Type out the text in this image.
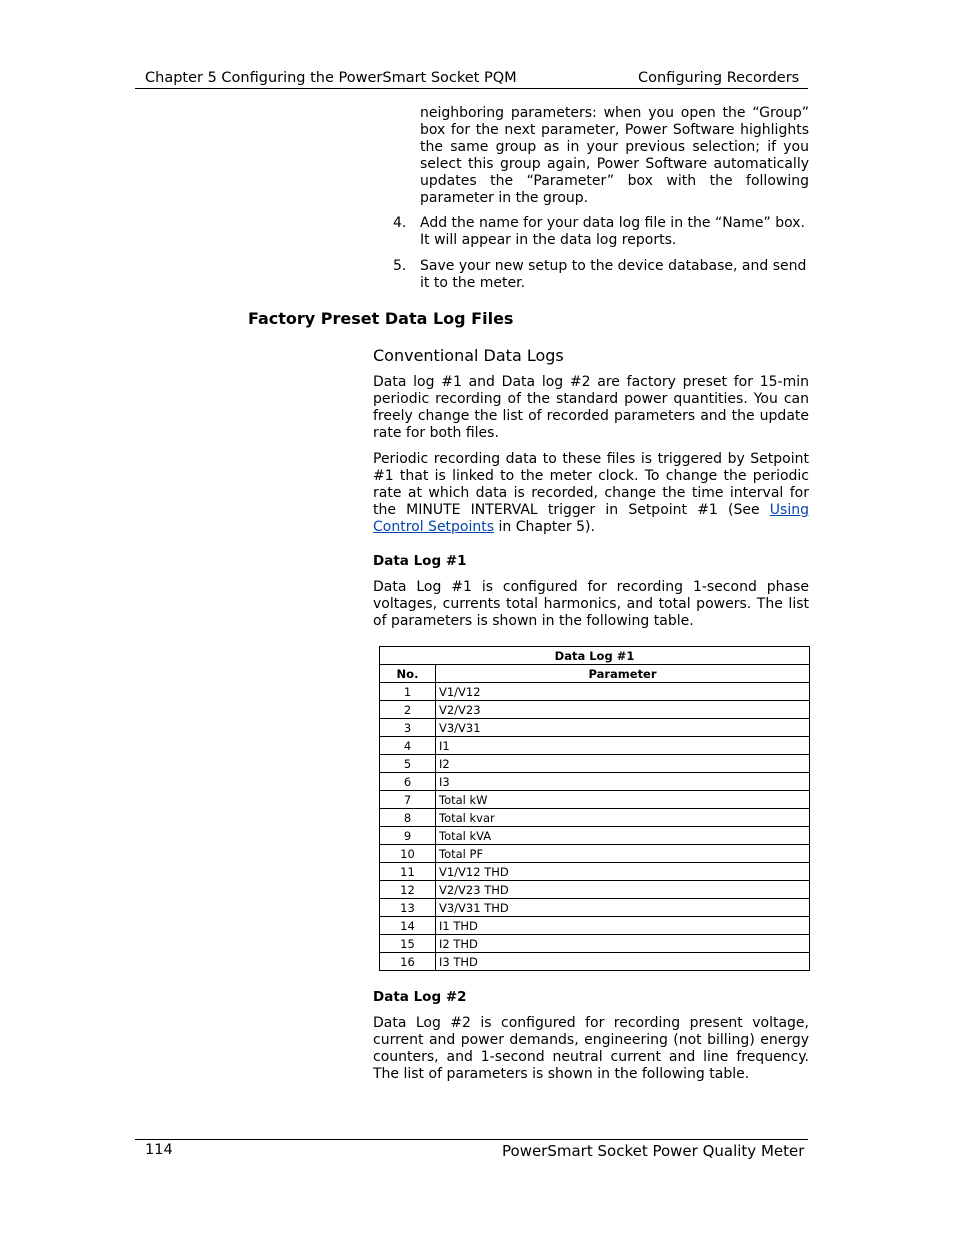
Chapter 5 Configuring the PowerSmart Socket PQM	Configuring Recorders

neighboring parameters: when you open the “Group” box for the next parameter, Power Software highlights the same group as in your previous selection; if you select this group again, Power Software automatically updates the “Parameter” box with the following parameter in the group.

4. Add the name for your data log file in the “Name” box. It will appear in the data log reports.

5. Save your new setup to the device database, and send it to the meter.

Factory Preset Data Log Files
Conventional Data Logs

Data log #1 and Data log #2 are factory preset for 15-min periodic recording of the standard power quantities. You can freely change the list of recorded parameters and the update rate for both files.

Periodic recording data to these files is triggered by Setpoint #1 that is linked to the meter clock. To change the periodic rate at which data is recorded, change the time interval for the MINUTE INTERVAL trigger in Setpoint #1 (See Using Control Setpoints in Chapter 5).

Data Log #1

Data Log #1 is configured for recording 1-second phase voltages, currents total harmonics, and total powers. The list of parameters is shown in the following table.

Data Log #1	
No.	Parameter
1	V1/V12
2	V2/V23
3	V3/V31
4	I1
5	I2
6	I3
7	Total kW
8	Total kvar
9	Total kVA
10	Total PF
11	V1/V12 THD
12	V2/V23 THD
13	V3/V31 THD
14	I1 THD
15	I2 THD
16	I3 THD
Data Log #2

Data Log #2 is configured for recording present voltage, current and power demands, engineering (not billing) energy counters, and 1-second neutral current and line frequency. The list of parameters is shown in the following table.

114	PowerSmart Socket Power Quality Meter
